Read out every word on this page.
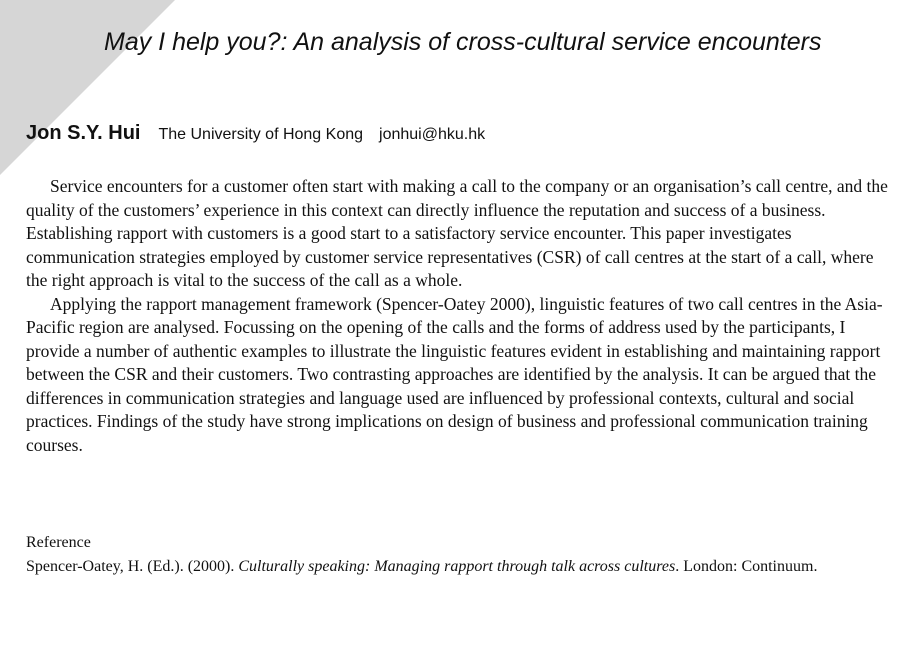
May I help you?: An analysis of cross-cultural service encounters
Jon S.Y. Hui The University of Hong Kong jonhui@hku.hk

Service encounters for a customer often start with making a call to the company or an organisation’s call centre, and the quality of the customers’ experience in this context can directly influence the reputation and success of a business. Establishing rapport with customers is a good start to a satisfactory service encounter. This paper investigates communication strategies employed by customer service representatives (CSR) of call centres at the start of a call, where the right approach is vital to the success of the call as a whole.

Applying the rapport management framework (Spencer-Oatey 2000), linguistic features of two call centres in the Asia-Pacific region are analysed. Focussing on the opening of the calls and the forms of address used by the participants, I provide a number of authentic examples to illustrate the linguistic features evident in establishing and maintaining rapport between the CSR and their customers. Two contrasting approaches are identified by the analysis. It can be argued that the differences in communication strategies and language used are influenced by professional contexts, cultural and social practices. Findings of the study have strong implications on design of business and professional communication training courses.

Reference
Spencer-Oatey, H. (Ed.). (2000). Culturally speaking: Managing rapport through talk across cultures. London: Continuum.
